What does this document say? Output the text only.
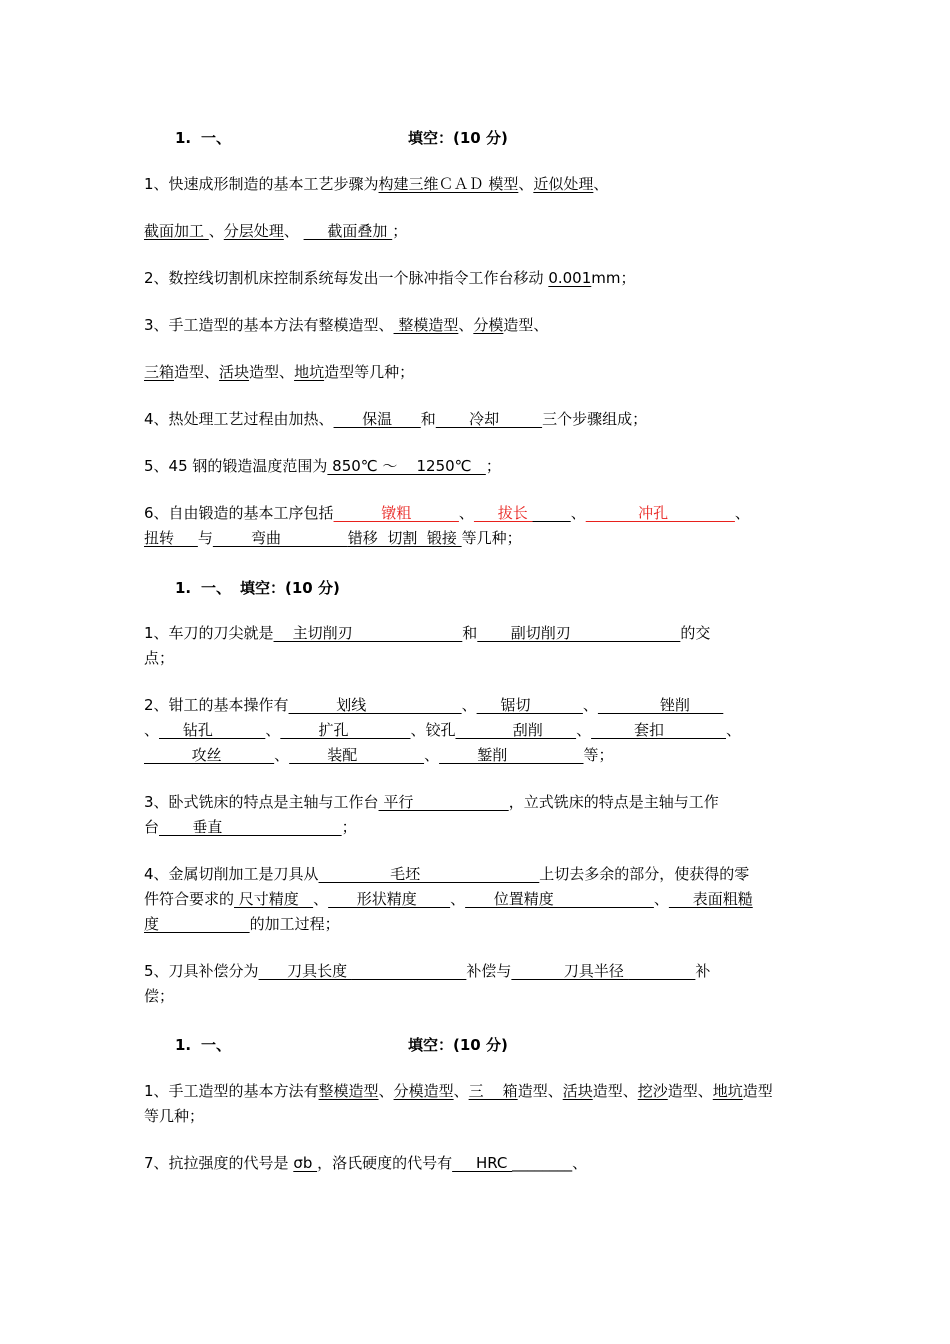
1. 一、	填空：(10 分)
1、快速成形制造的基本工艺步骤为构建三维ＣＡＤ 模型、近似处理、
截面加工 、分层处理、      截面叠加 ；
2、数控线切割机床控制系统每发出一个脉冲指令工作台移动 0.001mm；
3、手工造型的基本方法有整模造型、 整模造型、分模造型、
三箱造型、活块造型、地坑造型等几种；
4、热处理工艺过程由加热、      保温      和       冷却         三个步骤组成；
5、45 钢的锻造温度范围为 850℃ ～    1250℃   ；
6、自由锻造的基本工序包括          镦粗          、     拔长	、           冲孔              、
扭转 与        弯曲              错移  切割  锻接 等几种；
1. 一、 填空：(10 分)
1、车刀的刀尖就是    主切削刃                       和       副切削刃                       的交
点；
2、钳工的基本操作有          划线                    、     锯切           、             锉削
、     钻孔           、        扩孔             、铰孔            刮削       、         套扣             、
攻丝           、        装配              、        錾削                等；
3、卧式铣床的特点是主轴与工作台 平行                    ，立式铣床的特点是主轴与工作
台       垂直                         ；
4、金属切削加工是刀具从               毛坯                         上切去多余的部分，使获得的零
件符合要求的 尺寸精度   、      形状精度       、      位置精度                     、     表面粗糙
度	的加工过程；
5、刀具补偿分为      刀具长度	补偿与           刀具半径	补
偿；
1. 一、	填空：(10 分)
1、手工造型的基本方法有整模造型、分模造型、三    箱造型、活块造型、挖沙造型、地坑造型
等几种；
7、抗拉强度的代号是 σb ，洛氏硬度的代号有     HRC ________、
